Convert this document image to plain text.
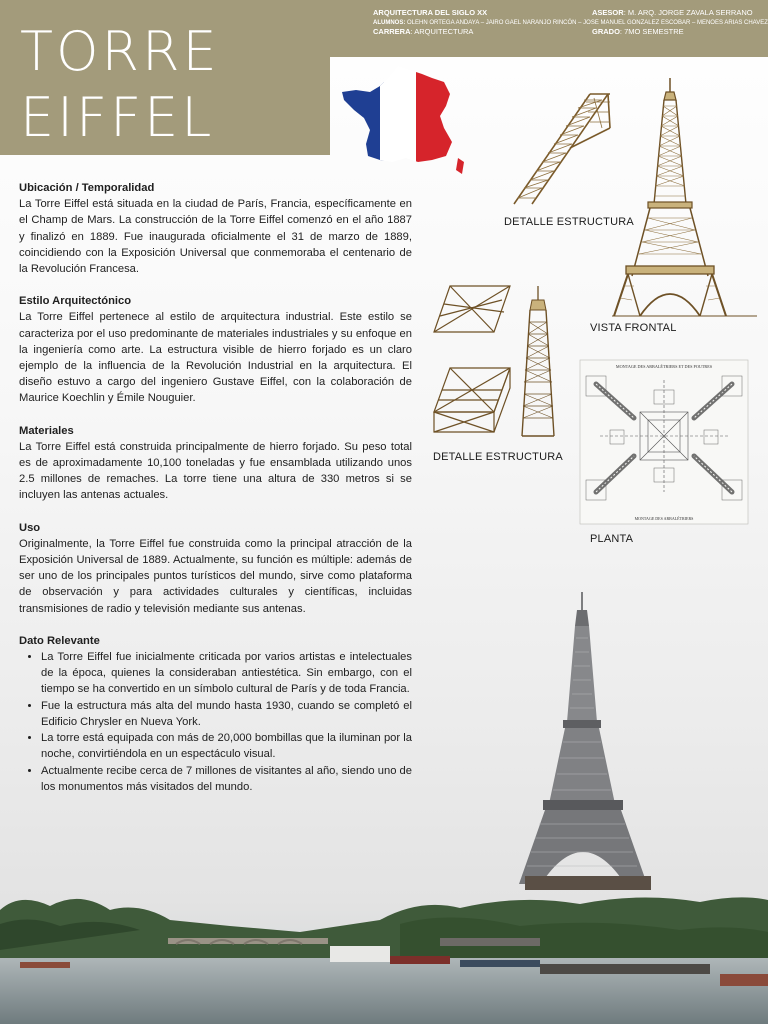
TORRE
EIFFEL
ARQUITECTURA DEL SIGLO XX
ALUMNOS: OLEHN ORTEGA ANDAYA – JAIRO GAEL NARANJO RINCÓN – JOSE MANUEL GONZALEZ ESCOBAR – MENOES ARIAS CHAVEZ
CARRERA: ARQUITECTURA
ASESOR: M. ARQ. JORGE ZAVALA SERRANO
GRADO: 7MO SEMESTRE

Ubicación / Temporalidad

La Torre Eiffel está situada en la ciudad de París, Francia, específicamente en el Champ de Mars. La construcción de la Torre Eiffel comenzó en el año 1887 y finalizó en 1889. Fue inaugurada oficialmente el 31 de marzo de 1889, coincidiendo con la Exposición Universal que conmemoraba el centenario de la Revolución Francesa.

Estilo Arquitectónico

La Torre Eiffel pertenece al estilo de arquitectura industrial. Este estilo se caracteriza por el uso predominante de materiales industriales y su enfoque en la ingeniería como arte. La estructura visible de hierro forjado es un claro ejemplo de la influencia de la Revolución Industrial en la arquitectura. El diseño estuvo a cargo del ingeniero Gustave Eiffel, con la colaboración de Maurice Koechlin y Émile Nouguier.

Materiales

La Torre Eiffel está construida principalmente de hierro forjado. Su peso total es de aproximadamente 10,100 toneladas y fue ensamblada utilizando unos 2.5 millones de remaches. La torre tiene una altura de 330 metros si se incluyen las antenas actuales.

Uso

Originalmente, la Torre Eiffel fue construida como la principal atracción de la Exposición Universal de 1889. Actualmente, su función es múltiple: además de ser uno de los principales puntos turísticos del mundo, sirve como plataforma de observación y para actividades culturales y científicas, incluidas transmisiones de radio y televisión mediante sus antenas.

Dato Relevante

• La Torre Eiffel fue inicialmente criticada por varios artistas e intelectuales de la época, quienes la consideraban antiestética. Sin embargo, con el tiempo se ha convertido en un símbolo cultural de París y de toda Francia.
• Fue la estructura más alta del mundo hasta 1930, cuando se completó el Edificio Chrysler en Nueva York.
• La torre está equipada con más de 20,000 bombillas que la iluminan por la noche, convirtiéndola en un espectáculo visual.
• Actualmente recibe cerca de 7 millones de visitantes al año, siendo uno de los monumentos más visitados del mundo.
DETALLE ESTRUCTURA
VISTA FRONTAL
DETALLE ESTRUCTURA
MONTAGE DES ARBALÉTRIERS ET DES POUTRES
MONTAGE DES ARBALÉTRIERS
PLANTA
